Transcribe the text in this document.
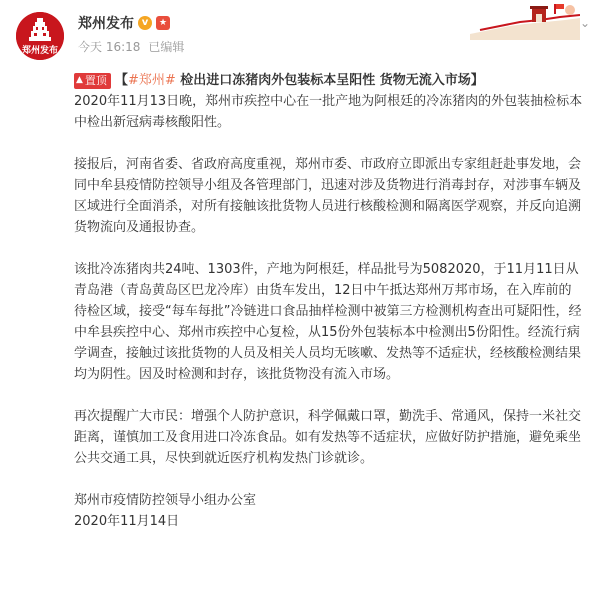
郑州发布
郑州发布 v	★
今天 16:18 已编辑
⌄
▲ 置顶 【#郑州# 检出进口冻猪肉外包装标本呈阳性 货物无流入市场】

2020年11月13日晚，郑州市疾控中心在一批产地为阿根廷的冷冻猪肉的外包装抽检标本中检出新冠病毒核酸阳性。

接报后，河南省委、省政府高度重视，郑州市委、市政府立即派出专家组赶赴事发地，会同中牟县疫情防控领导小组及各管理部门，迅速对涉及货物进行消毒封存，对涉事车辆及区域进行全面消杀，对所有接触该批货物人员进行核酸检测和隔离医学观察，并反向追溯货物流向及通报协查。

该批冷冻猪肉共24吨、1303件，产地为阿根廷，样品批号为5082020，于11月11日从青岛港（青岛黄岛区巴龙冷库）由货车发出，12日中午抵达郑州万邦市场，在入库前的待检区域，接受“每车每批”冷链进口食品抽样检测中被第三方检测机构查出可疑阳性，经中牟县疾控中心、郑州市疾控中心复检，从15份外包装标本中检测出5份阳性。经流行病学调查，接触过该批货物的人员及相关人员均无咳嗽、发热等不适症状，经核酸检测结果均为阴性。因及时检测和封存，该批货物没有流入市场。

再次提醒广大市民：增强个人防护意识，科学佩戴口罩，勤洗手、常通风，保持一米社交距离，谨慎加工及食用进口冷冻食品。如有发热等不适症状，应做好防护措施，避免乘坐公共交通工具，尽快到就近医疗机构发热门诊就诊。

郑州市疫情防控领导小组办公室

2020年11月14日
